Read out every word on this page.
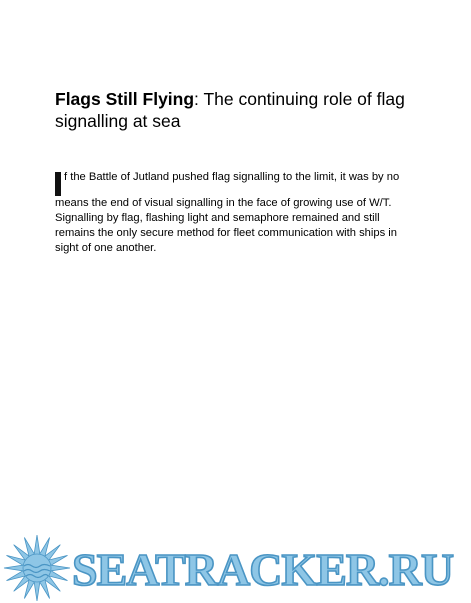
Flags Still Flying: The continuing role of flag signalling at sea

f the Battle of Jutland pushed flag signalling to the limit, it was by no means the end of visual signalling in the face of growing use of W/T. Signalling by flag, flashing light and semaphore remained and still remains the only secure method for fleet communication with ships in sight of one another.

SEATRACKER.RU
